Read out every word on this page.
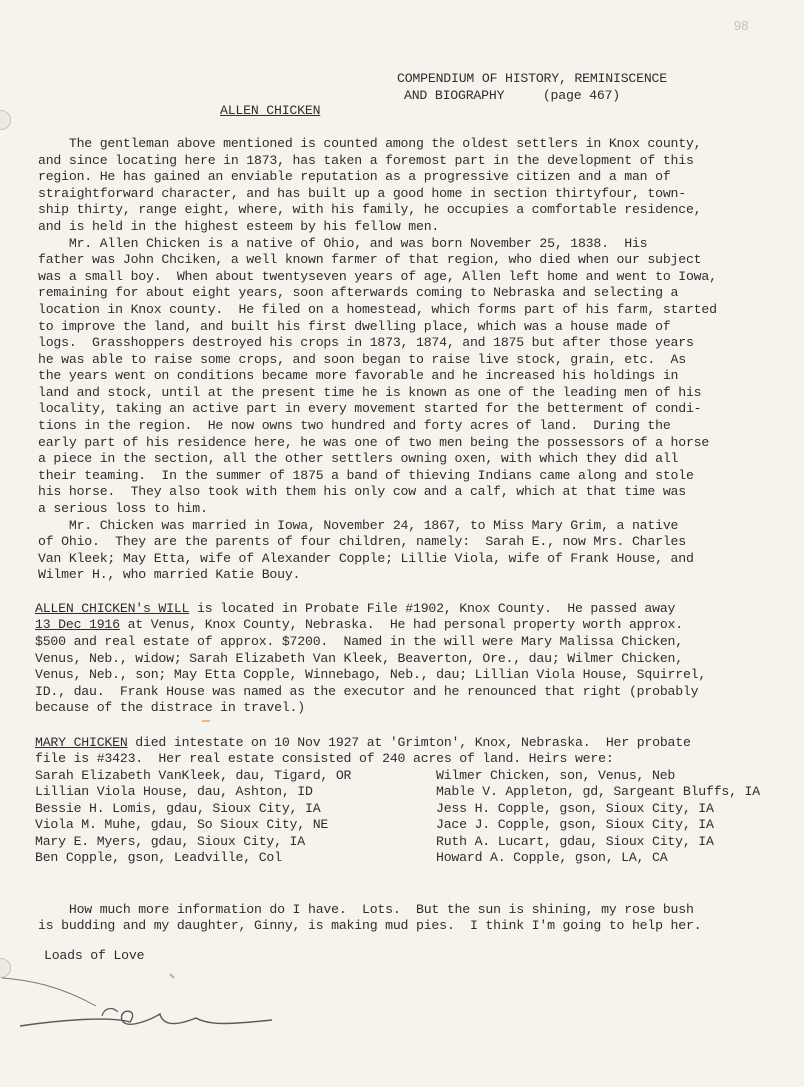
98
COMPENDIUM OF HISTORY, REMINISCENCE
AND BIOGRAPHY     (page 467)
ALLEN CHICKEN
The gentleman above mentioned is counted among the oldest settlers in Knox county,
and since locating here in 1873, has taken a foremost part in the development of this
region. He has gained an enviable reputation as a progressive citizen and a man of
straightforward character, and has built up a good home in section thirtyfour, town-
ship thirty, range eight, where, with his family, he occupies a comfortable residence,
and is held in the highest esteem by his fellow men.
Mr. Allen Chicken is a native of Ohio, and was born November 25, 1838.  His
father was John Chciken, a well known farmer of that region, who died when our subject
was a small boy.  When about twentyseven years of age, Allen left home and went to Iowa,
remaining for about eight years, soon afterwards coming to Nebraska and selecting a
location in Knox county.  He filed on a homestead, which forms part of his farm, started
to improve the land, and built his first dwelling place, which was a house made of
logs.  Grasshoppers destroyed his crops in 1873, 1874, and 1875 but after those years
he was able to raise some crops, and soon began to raise live stock, grain, etc.  As
the years went on conditions became more favorable and he increased his holdings in
land and stock, until at the present time he is known as one of the leading men of his
locality, taking an active part in every movement started for the betterment of condi-
tions in the region.  He now owns two hundred and forty acres of land.  During the
early part of his residence here, he was one of two men being the possessors of a horse
a piece in the section, all the other settlers owning oxen, with which they did all
their teaming.  In the summer of 1875 a band of thieving Indians came along and stole
his horse.  They also took with them his only cow and a calf, which at that time was
a serious loss to him.
Mr. Chicken was married in Iowa, November 24, 1867, to Miss Mary Grim, a native
of Ohio.  They are the parents of four children, namely:  Sarah E., now Mrs. Charles
Van Kleek; May Etta, wife of Alexander Copple; Lillie Viola, wife of Frank House, and
Wilmer H., who married Katie Bouy.
ALLEN CHICKEN's WILL is located in Probate File #1902, Knox County.  He passed away
13 Dec 1916 at Venus, Knox County, Nebraska.  He had personal property worth approx.
$500 and real estate of approx. $7200.  Named in the will were Mary Malissa Chicken,
Venus, Neb., widow; Sarah Elizabeth Van Kleek, Beaverton, Ore., dau; Wilmer Chicken,
Venus, Neb., son; May Etta Copple, Winnebago, Neb., dau; Lillian Viola House, Squirrel,
ID., dau.  Frank House was named as the executor and he renounced that right (probably
because of the distrace in travel.)
MARY CHICKEN died intestate on 10 Nov 1927 at 'Grimton', Knox, Nebraska.  Her probate
file is #3423.  Her real estate consisted of 240 acres of land. Heirs were:
Sarah Elizabeth VanKleek, dau, Tigard, OR
Lillian Viola House, dau, Ashton, ID
Bessie H. Lomis, gdau, Sioux City, IA
Viola M. Muhe, gdau, So Sioux City, NE
Mary E. Myers, gdau, Sioux City, IA
Ben Copple, gson, Leadville, Col
Wilmer Chicken, son, Venus, Neb
Mable V. Appleton, gd, Sargeant Bluffs, IA
Jess H. Copple, gson, Sioux City, IA
Jace J. Copple, gson, Sioux City, IA
Ruth A. Lucart, gdau, Sioux City, IA
Howard A. Copple, gson, LA, CA
How much more information do I have.  Lots.  But the sun is shining, my rose bush
is budding and my daughter, Ginny, is making mud pies.  I think I'm going to help her.
Loads of Love
